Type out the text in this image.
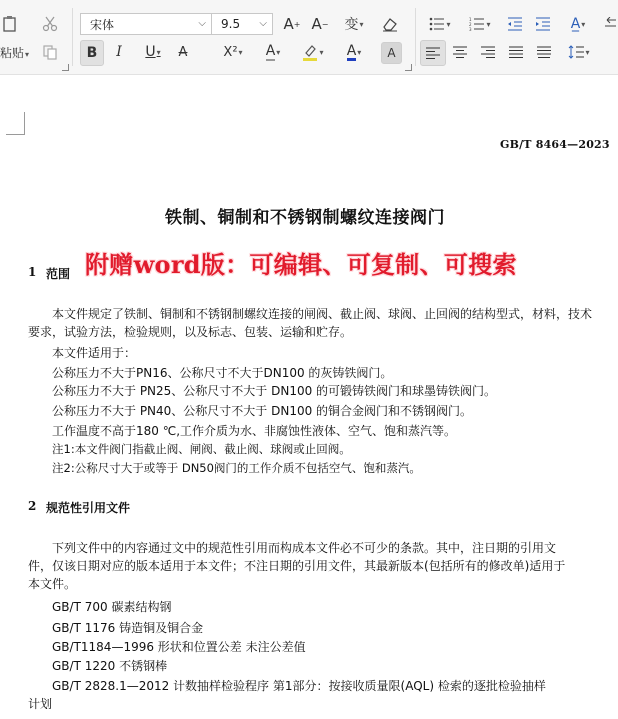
粘贴▾
宋体	⌵ 9.5 ⌵ A + A − 变 ▾
B I U ▾ A	X² ▾ A ▾	▾ A ▾ A
▾	1
2
3
▾	A̲ ▾
▾
GB/T 8464—2023
铁制、铜制和不锈钢制螺纹连接阀门
附赠word版：可编辑、可复制、可搜索
1 范围
本文件规定了铁制、铜制和不锈钢制螺纹连接的闸阀、截止阀、球阀、止回阀的结构型式，材料，技术
要求，试验方法，检验规则，以及标志、包装、运输和贮存。
本文件适用于：
公称压力不大于PN16、公称尺寸不大于DN100 的灰铸铁阀门。
公称压力不大于 PN25、公称尺寸不大于 DN100 的可锻铸铁阀门和球墨铸铁阀门。
公称压力不大于 PN40、公称尺寸不大于 DN100 的铜合金阀门和不锈钢阀门。
工作温度不高于180 ℃,工作介质为水、非腐蚀性液体、空气、饱和蒸汽等。
注1:本文件阀门指截止阀、闸阀、截止阀、球阀或止回阀。
注2:公称尺寸大于或等于 DN50阀门的工作介质不包括空气、饱和蒸汽。
2 规范性引用文件
下列文件中的内容通过文中的规范性引用而构成本文件必不可少的条款。其中，注日期的引用文
件，仅该日期对应的版本适用于本文件；不注日期的引用文件，其最新版本(包括所有的修改单)适用于
本文件。
GB/T 700 碳素结构钢
GB/T 1176 铸造铜及铜合金
GB/T1184—1996 形状和位置公差 未注公差值
GB/T 1220 不锈钢棒
GB/T 2828.1—2012 计数抽样检验程序 第1部分：按接收质量限(AQL) 检索的逐批检验抽样
计划
